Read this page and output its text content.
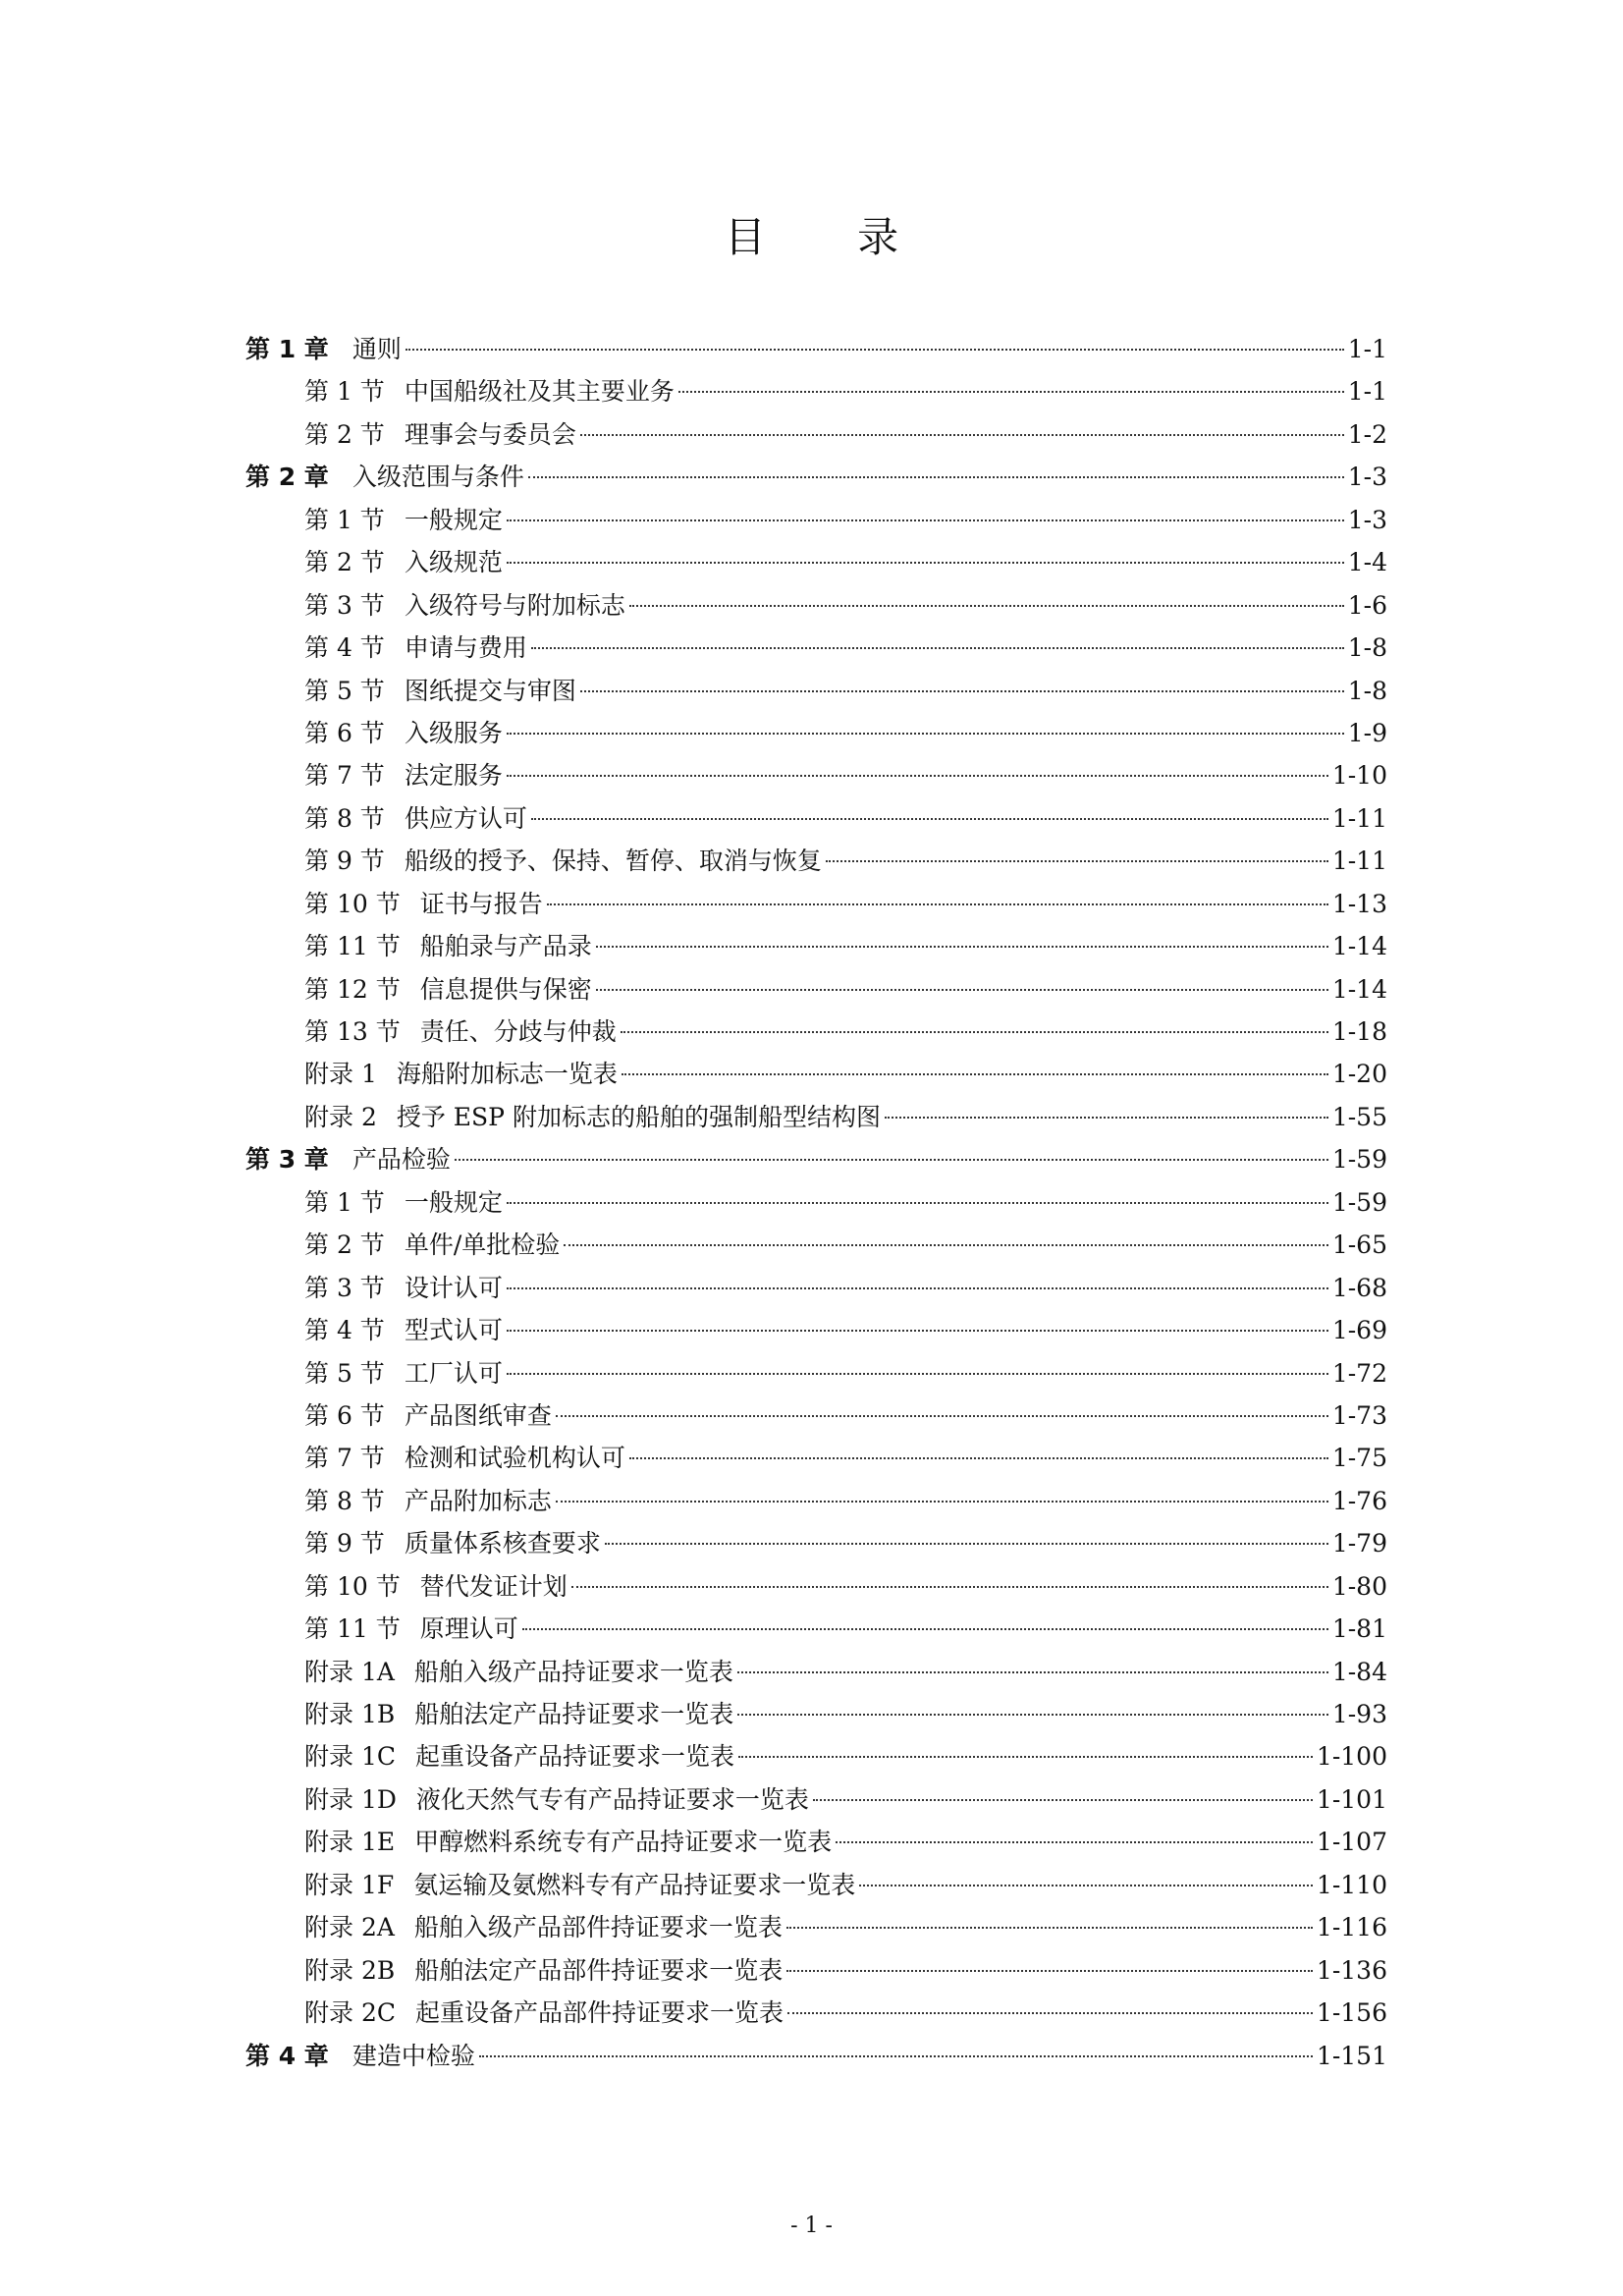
目 录
第 1 章 通则	1-1
第 1 节 中国船级社及其主要业务	1-1
第 2 节 理事会与委员会	1-2
第 2 章 入级范围与条件	1-3
第 1 节 一般规定	1-3
第 2 节 入级规范	1-4
第 3 节 入级符号与附加标志	1-6
第 4 节 申请与费用	1-8
第 5 节 图纸提交与审图	1-8
第 6 节 入级服务	1-9
第 7 节 法定服务	1-10
第 8 节 供应方认可	1-11
第 9 节 船级的授予、保持、暂停、取消与恢复	1-11
第 10 节 证书与报告	1-13
第 11 节 船舶录与产品录	1-14
第 12 节 信息提供与保密	1-14
第 13 节 责任、分歧与仲裁	1-18
附录 1 海船附加标志一览表	1-20
附录 2 授予 ESP 附加标志的船舶的强制船型结构图	1-55
第 3 章 产品检验	1-59
第 1 节 一般规定	1-59
第 2 节 单件/单批检验	1-65
第 3 节 设计认可	1-68
第 4 节 型式认可	1-69
第 5 节 工厂认可	1-72
第 6 节 产品图纸审查	1-73
第 7 节 检测和试验机构认可	1-75
第 8 节 产品附加标志	1-76
第 9 节 质量体系核查要求	1-79
第 10 节 替代发证计划	1-80
第 11 节 原理认可	1-81
附录 1A 船舶入级产品持证要求一览表	1-84
附录 1B 船舶法定产品持证要求一览表	1-93
附录 1C 起重设备产品持证要求一览表	1-100
附录 1D 液化天然气专有产品持证要求一览表	1-101
附录 1E 甲醇燃料系统专有产品持证要求一览表	1-107
附录 1F 氨运输及氨燃料专有产品持证要求一览表	1-110
附录 2A 船舶入级产品部件持证要求一览表	1-116
附录 2B 船舶法定产品部件持证要求一览表	1-136
附录 2C 起重设备产品部件持证要求一览表	1-156
第 4 章 建造中检验	1-151
- 1 -
